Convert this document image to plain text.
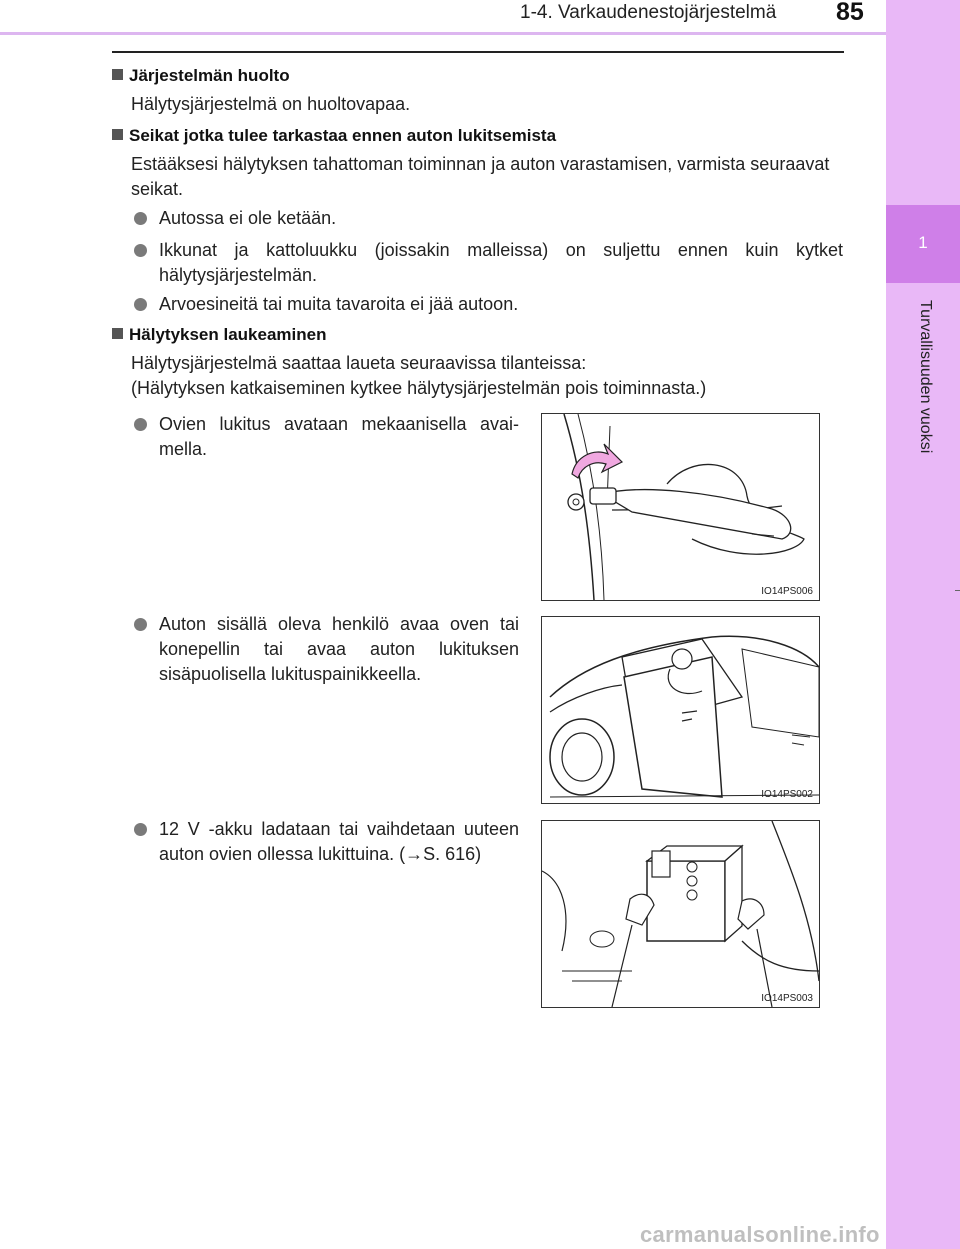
1-4. Varkaudenestojärjestelmä 85
1
Turvallisuuden vuoksi
Järjestelmän huolto
Hälytysjärjestelmä on huoltovapaa.
Seikat jotka tulee tarkastaa ennen auton lukitsemista
Estääksesi hälytyksen tahattoman toiminnan ja auton varastamisen, varmista seuraavat seikat.
Autossa ei ole ketään.
Ikkunat ja kattoluukku (joissakin malleissa) on suljettu ennen kuin kytket hälytysjärjestelmän.
Arvoesineitä tai muita tavaroita ei jää autoon.
Hälytyksen laukeaminen
Hälytysjärjestelmä saattaa laueta seuraavissa tilanteissa:
(Hälytyksen katkaiseminen kytkee hälytysjärjestelmän pois toiminnasta.)
Ovien lukitus avataan mekaanisella avai-mella.
IO14PS006
Auton sisällä oleva henkilö avaa oven tai konepellin tai avaa auton lukituksen sisäpuolisella lukituspainikkeella.
IO14PS002
12 V -akku ladataan tai vaihdetaan uuteen auton ovien ollessa lukittuina. (→S. 616)
IO14PS003
carmanualsonline.info
